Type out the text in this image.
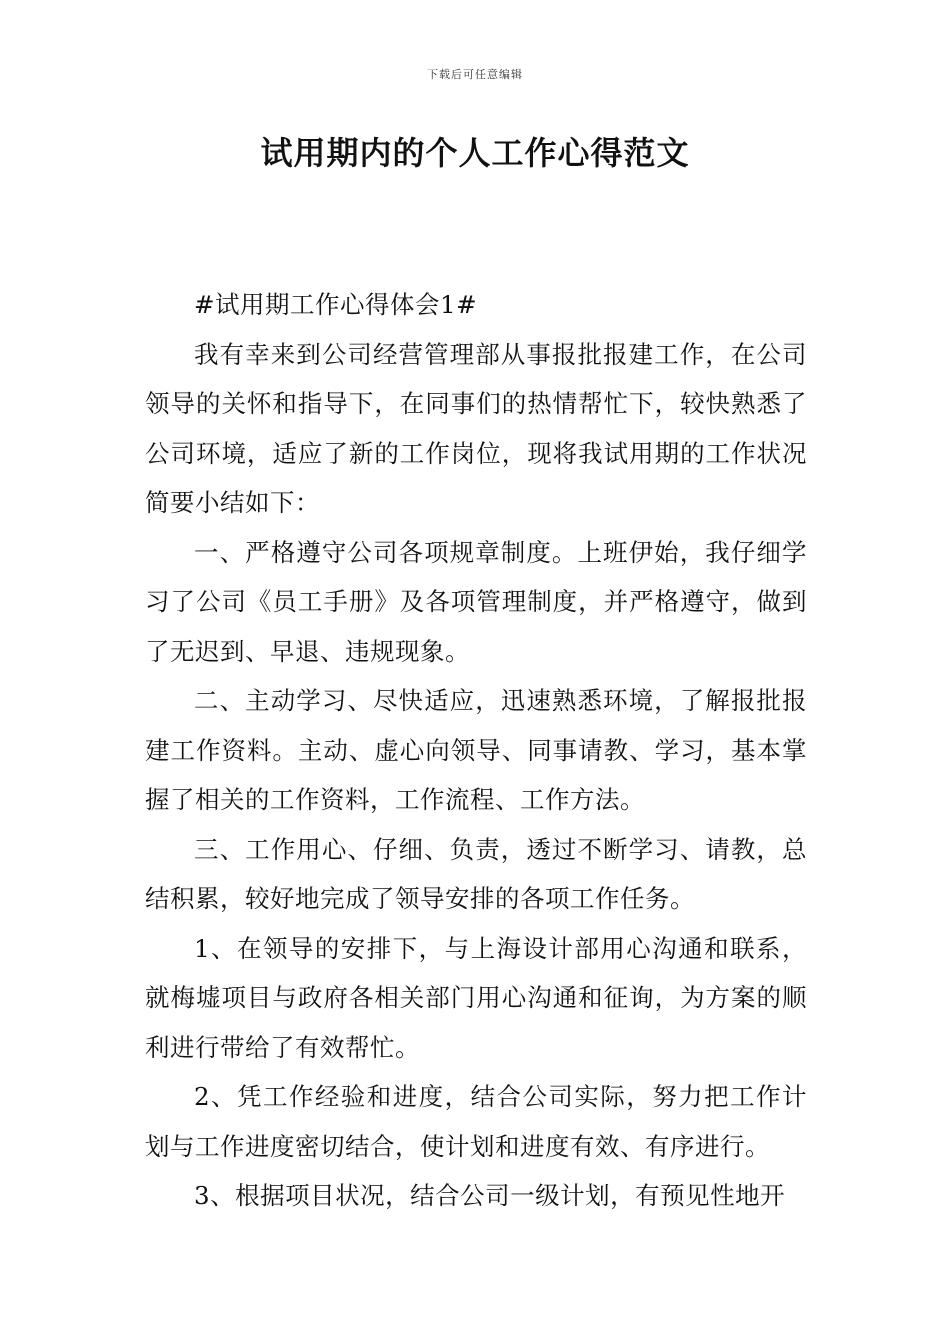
下载后可任意编辑
试用期内的个人工作心得范文

#试用期工作心得体会1#

我有幸来到公司经营管理部从事报批报建工作，在公司领导的关怀和指导下，在同事们的热情帮忙下，较快熟悉了公司环境，适应了新的工作岗位，现将我试用期的工作状况简要小结如下：

一、严格遵守公司各项规章制度。上班伊始，我仔细学习了公司《员工手册》及各项管理制度，并严格遵守，做到了无迟到、早退、违规现象。

二、主动学习、尽快适应，迅速熟悉环境，了解报批报建工作资料。主动、虚心向领导、同事请教、学习，基本掌握了相关的工作资料，工作流程、工作方法。

三、工作用心、仔细、负责，透过不断学习、请教，总结积累，较好地完成了领导安排的各项工作任务。

1、在领导的安排下，与上海设计部用心沟通和联系，就梅墟项目与政府各相关部门用心沟通和征询，为方案的顺利进行带给了有效帮忙。

2、凭工作经验和进度，结合公司实际，努力把工作计划与工作进度密切结合，使计划和进度有效、有序进行。

3、根据项目状况，结合公司一级计划，有预见性地开
